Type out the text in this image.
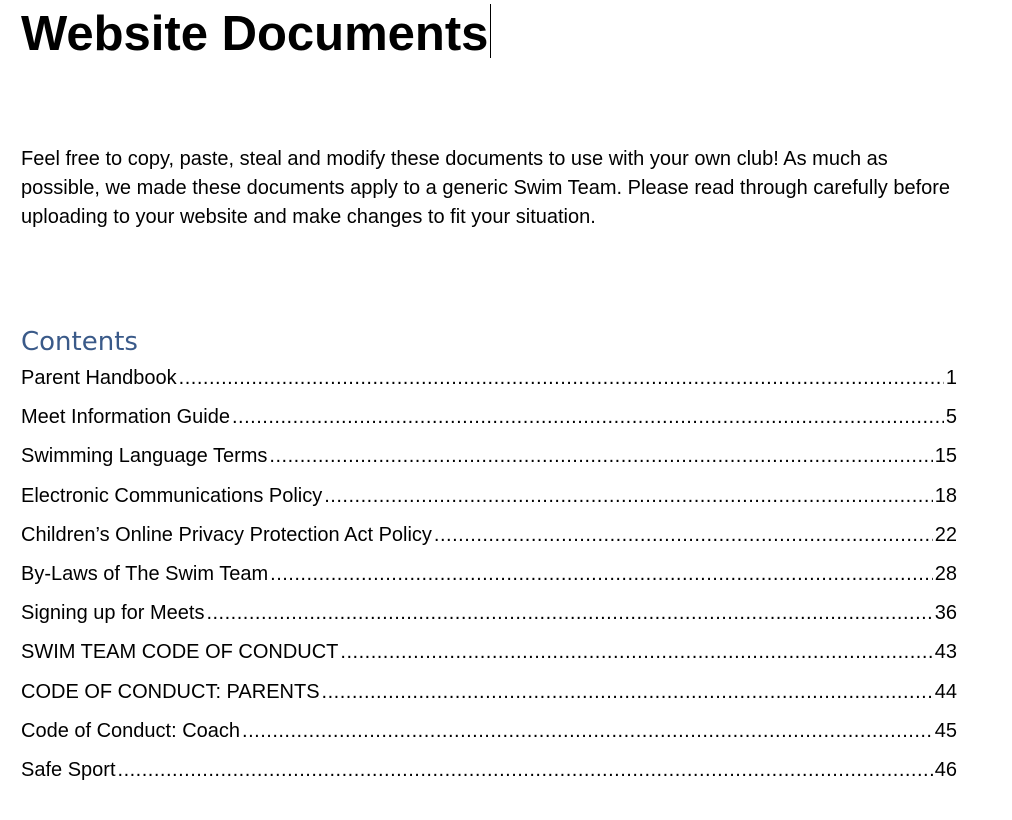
Website Documents

Feel free to copy, paste, steal and modify these documents to use with your own club! As much as possible, we made these documents apply to a generic Swim Team. Please read through carefully before uploading to your website and make changes to fit your situation.

Contents
Parent Handbook .....	1
Meet Information Guide .....	5
Swimming Language Terms .....	15
Electronic Communications Policy .....	18
Children’s Online Privacy Protection Act Policy .....	22
By-Laws of The Swim Team .....	28
Signing up for Meets .....	36
SWIM TEAM CODE OF CONDUCT .....	43
CODE OF CONDUCT: PARENTS .....	44
Code of Conduct: Coach .....	45
Safe Sport .....	46
